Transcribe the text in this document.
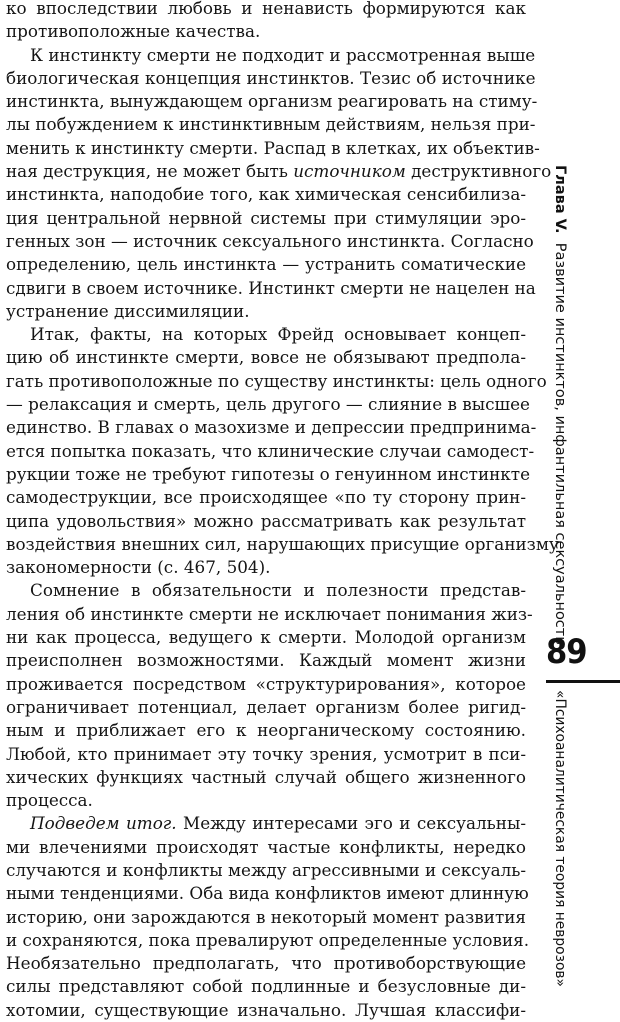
ко впоследствии любовь и ненависть формируются как
противоположные качества.
К инстинкту смерти не подходит и рассмотренная выше
биологическая концепция инстинктов. Тезис об источнике
инстинкта, вынуждающем организм реагировать на стиму-
лы побуждением к инстинктивным действиям, нельзя при-
менить к инстинкту смерти. Распад в клетках, их объектив-
ная деструкция, не может быть источником деструктивного
инстинкта, наподобие того, как химическая сенсибилиза-
ция центральной нервной системы при стимуляции эро-
генных зон — источник сексуального инстинкта. Согласно
определению, цель инстинкта — устранить соматические
сдвиги в своем источнике. Инстинкт смерти не нацелен на
устранение диссимиляции.
Итак, факты, на которых Фрейд основывает концеп-
цию об инстинкте смерти, вовсе не обязывают предпола-
гать противоположные по существу инстинкты: цель одного
— релаксация и смерть, цель другого — слияние в высшее
единство. В главах о мазохизме и депрессии предпринима-
ется попытка показать, что клинические случаи самодест-
рукции тоже не требуют гипотезы о генуинном инстинкте
самодеструкции, все происходящее «по ту сторону прин-
ципа удовольствия» можно рассматривать как результат
воздействия внешних сил, нарушающих присущие организму
закономерности (с. 467, 504).
Сомнение в обязательности и полезности представ-
ления об инстинкте смерти не исключает понимания жиз-
ни как процесса, ведущего к смерти. Молодой организм
преисполнен возможностями. Каждый момент жизни
проживается посредством «структурирования», которое
ограничивает потенциал, делает организм более ригид-
ным и приближает его к неорганическому состоянию.
Любой, кто принимает эту точку зрения, усмотрит в пси-
хических функциях частный случай общего жизненного
процесса.
Подведем итог. Между интересами эго и сексуальны-
ми влечениями происходят частые конфликты, нередко
случаются и конфликты между агрессивными и сексуаль-
ными тенденциями. Оба вида конфликтов имеют длинную
историю, они зарождаются в некоторый момент развития
и сохраняются, пока превалируют определенные условия.
Необязательно предполагать, что противоборствующие
силы представляют собой подлинные и безусловные ди-
хотомии, существующие изначально. Лучшая классифи-
Глава V.  Развитие инстинктов, инфантильная сексуальность
89
«Психоаналитическая теория неврозов»
